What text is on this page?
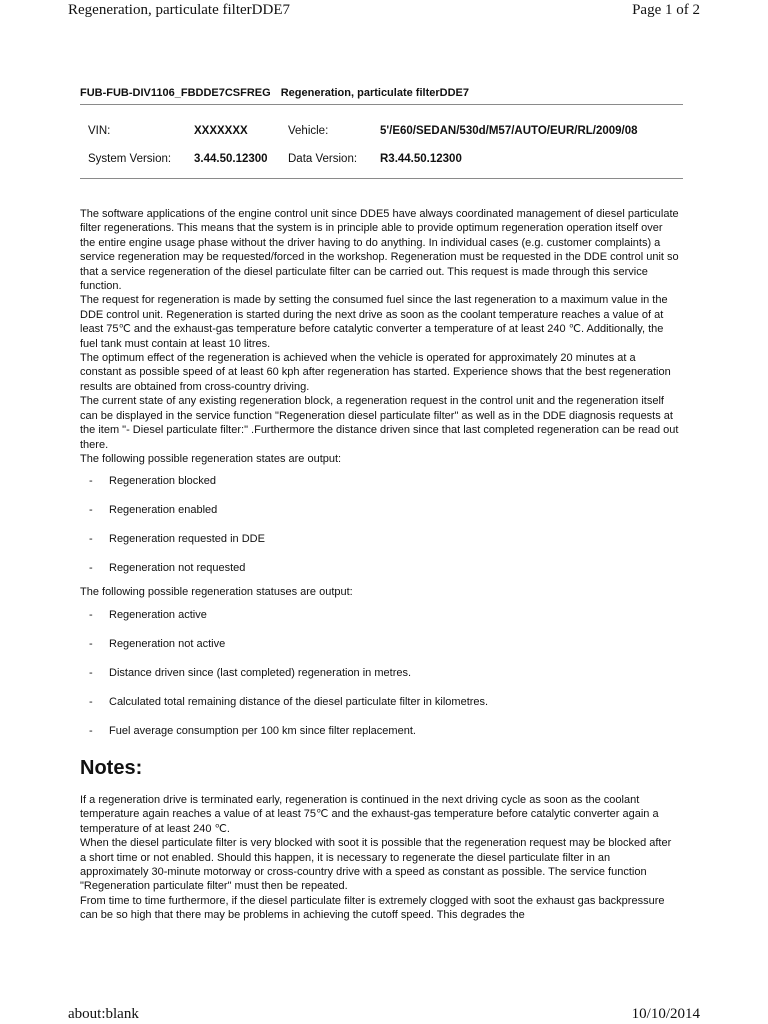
Regeneration, particulate filterDDE7	Page 1 of 2
FUB-FUB-DIV1106_FBDDE7CSFREG Regeneration, particulate filterDDE7
VIN:	XXXXXXX	Vehicle:	5'/E60/SEDAN/530d/M57/AUTO/EUR/RL/2009/08
System Version: 3.44.50.12300 Data Version: R3.44.50.12300

The software applications of the engine control unit since DDE5 have always coordinated management of diesel particulate filter regenerations. This means that the system is in principle able to provide optimum regeneration operation itself over the entire engine usage phase without the driver having to do anything. In individual cases (e.g. customer complaints) a service regeneration may be requested/forced in the workshop. Regeneration must be requested in the DDE control unit so that a service regeneration of the diesel particulate filter can be carried out. This request is made through this service function.

The request for regeneration is made by setting the consumed fuel since the last regeneration to a maximum value in the DDE control unit. Regeneration is started during the next drive as soon as the coolant temperature reaches a value of at least 75℃ and the exhaust-gas temperature before catalytic converter a temperature of at least 240 ℃. Additionally, the fuel tank must contain at least 10 litres.

The optimum effect of the regeneration is achieved when the vehicle is operated for approximately 20 minutes at a constant as possible speed of at least 60 kph after regeneration has started. Experience shows that the best regeneration results are obtained from cross-country driving.

The current state of any existing regeneration block, a regeneration request in the control unit and the regeneration itself can be displayed in the service function "Regeneration diesel particulate filter" as well as in the DDE diagnosis requests at the item "- Diesel particulate filter:" .Furthermore the distance driven since that last completed regeneration can be read out there.

The following possible regeneration states are output:

-	Regeneration blocked
-	Regeneration enabled
-	Regeneration requested in DDE
-	Regeneration not requested
The following possible regeneration statuses are output:
-	Regeneration active
-	Regeneration not active
-	Distance driven since (last completed) regeneration in metres.
-	Calculated total remaining distance of the diesel particulate filter in kilometres.
-	Fuel average consumption per 100 km since filter replacement.
Notes:

If a regeneration drive is terminated early, regeneration is continued in the next driving cycle as soon as the coolant temperature again reaches a value of at least 75℃ and the exhaust-gas temperature before catalytic converter again a temperature of at least 240 ℃.

When the diesel particulate filter is very blocked with soot it is possible that the regeneration request may be blocked after a short time or not enabled. Should this happen, it is necessary to regenerate the diesel particulate filter in an approximately 30-minute motorway or cross-country drive with a speed as constant as possible. The service function "Regeneration particulate filter" must then be repeated.

From time to time furthermore, if the diesel particulate filter is extremely clogged with soot the exhaust gas backpressure can be so high that there may be problems in achieving the cutoff speed. This degrades the

about:blank	10/10/2014
